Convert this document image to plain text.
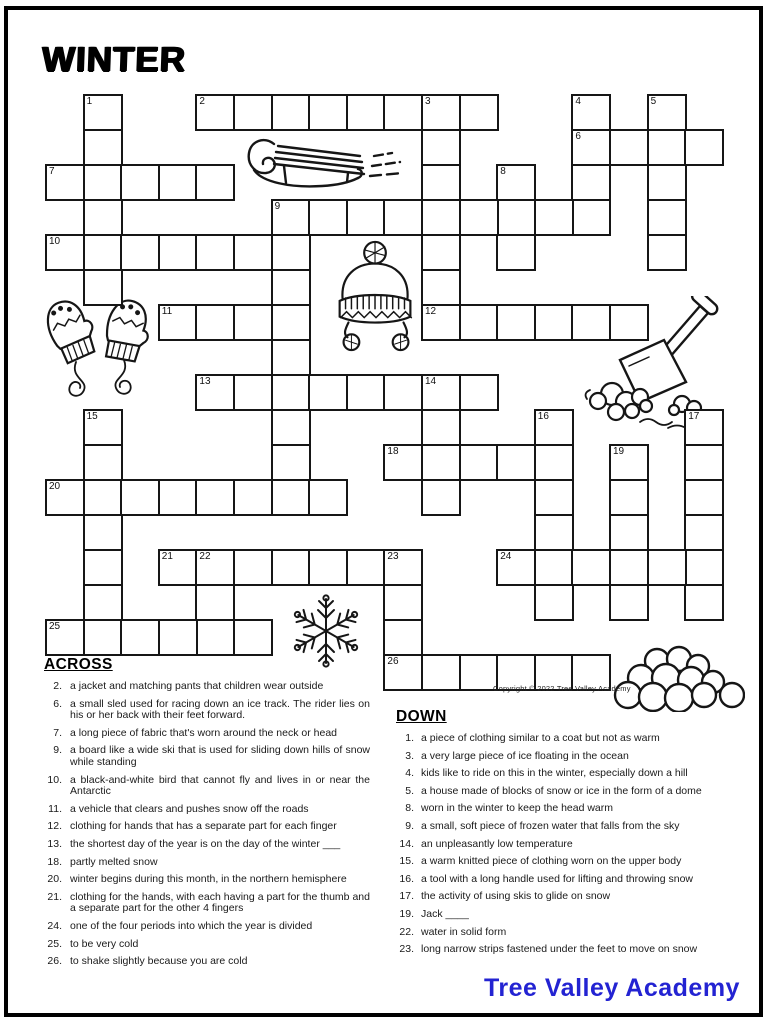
WINTER
1	2	3	4	5
6
7	8
9
10
11	12
13	14
15	16	17
18	19
20
21	22	23	24
25
26
ACROSS
2. a jacket and matching pants that children wear outside
6. a small sled used for racing down an ice track. The rider lies on his or her back with their feet forward.
7. a long piece of fabric that's worn around the neck or head
9. a board like a wide ski that is used for sliding down hills of snow while standing
10. a black-and-white bird that cannot fly and lives in or near the Antarctic
11. a vehicle that clears and pushes snow off the roads
12. clothing for hands that has a separate part for each finger
13. the shortest day of the year is on the day of the winter ___
18. partly melted snow
20. winter begins during this month, in the northern hemisphere
21. clothing for the hands, with each having a part for the thumb and a separate part for the other 4 fingers
24. one of the four periods into which the year is divided
25. to be very cold
26. to shake slightly because you are cold
DOWN
1. a piece of clothing similar to a coat but not as warm
3. a very large piece of ice floating in the ocean
4. kids like to ride on this in the winter, especially down a hill
5. a house made of blocks of snow or ice in the form of a dome
8. worn in the winter to keep the head warm
9. a small, soft piece of frozen water that falls from the sky
14. an unpleasantly low temperature
15. a warm knitted piece of clothing worn on the upper body
16. a tool with a long handle used for lifting and throwing snow
17. the activity of using skis to glide on snow
19. Jack ____
22. water in solid form
23. long narrow strips fastened under the feet to move on snow
Copyright © 2022 Tree Valley Academy
Tree Valley Academy
